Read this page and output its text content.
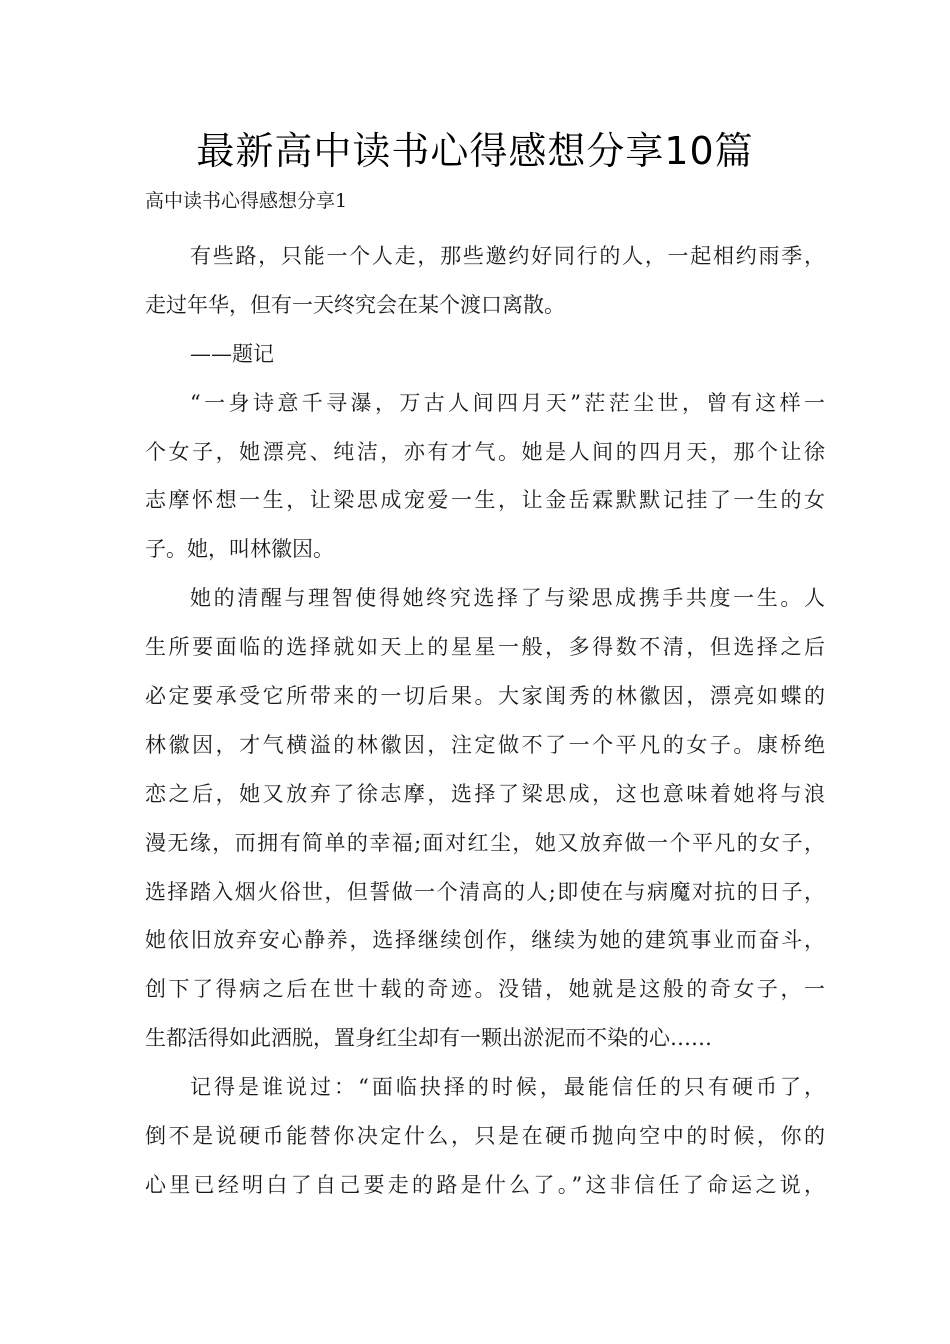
最新高中读书心得感想分享10篇
高中读书心得感想分享1
有些路，只能一个人走，那些邀约好同行的人，一起相约雨季，
走过年华，但有一天终究会在某个渡口离散。
——题记
“一身诗意千寻瀑，万古人间四月天”茫茫尘世，曾有这样一
个女子，她漂亮、纯洁，亦有才气。她是人间的四月天，那个让徐
志摩怀想一生，让梁思成宠爱一生，让金岳霖默默记挂了一生的女
子。她，叫林徽因。
她的清醒与理智使得她终究选择了与梁思成携手共度一生。人
生所要面临的选择就如天上的星星一般，多得数不清，但选择之后
必定要承受它所带来的一切后果。大家闺秀的林徽因，漂亮如蝶的
林徽因，才气横溢的林徽因，注定做不了一个平凡的女子。康桥绝
恋之后，她又放弃了徐志摩，选择了梁思成，这也意味着她将与浪
漫无缘，而拥有简单的幸福;面对红尘，她又放弃做一个平凡的女子，
选择踏入烟火俗世，但誓做一个清高的人;即使在与病魔对抗的日子，
她依旧放弃安心静养，选择继续创作，继续为她的建筑事业而奋斗，
创下了得病之后在世十载的奇迹。没错，她就是这般的奇女子，一
生都活得如此洒脱，置身红尘却有一颗出淤泥而不染的心……
记得是谁说过：“面临抉择的时候，最能信任的只有硬币了，
倒不是说硬币能替你决定什么，只是在硬币抛向空中的时候，你的
心里已经明白了自己要走的路是什么了。”这非信任了命运之说，
